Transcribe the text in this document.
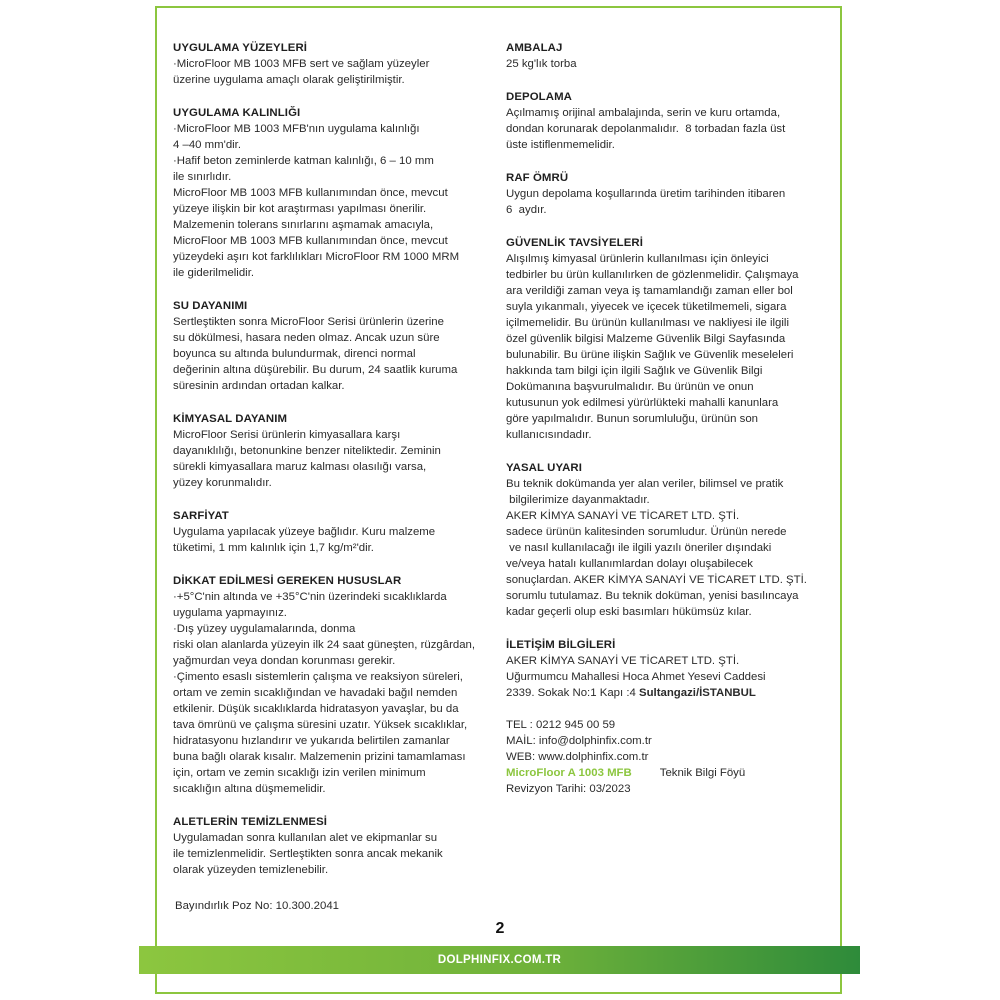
UYGULAMA YÜZEYLERİ
·MicroFloor MB 1003 MFB sert ve sağlam yüzeyler
üzerine uygulama amaçlı olarak geliştirilmiştir.
UYGULAMA KALINLIĞI
·MicroFloor MB 1003 MFB'nın uygulama kalınlığı
4 –40 mm'dir.
·Hafif beton zeminlerde katman kalınlığı, 6 – 10 mm
ile sınırlıdır.
MicroFloor MB 1003 MFB kullanımından önce, mevcut
yüzeye ilişkin bir kot araştırması yapılması önerilir.
Malzemenin tolerans sınırlarını aşmamak amacıyla,
MicroFloor MB 1003 MFB kullanımından önce, mevcut
yüzeydeki aşırı kot farklılıkları MicroFloor RM 1000 MRM
ile giderilmelidir.
SU DAYANIMI
Sertleştikten sonra MicroFloor Serisi ürünlerin üzerine
su dökülmesi, hasara neden olmaz. Ancak uzun süre
boyunca su altında bulundurmak, direnci normal
değerinin altına düşürebilir. Bu durum, 24 saatlik kuruma
süresinin ardından ortadan kalkar.
KİMYASAL DAYANIM
MicroFloor Serisi ürünlerin kimyasallara karşı
dayanıklılığı, betonunkine benzer niteliktedir. Zeminin
sürekli kimyasallara maruz kalması olasılığı varsa,
yüzey korunmalıdır.
SARFİYAT
Uygulama yapılacak yüzeye bağlıdır. Kuru malzeme
tüketimi, 1 mm kalınlık için 1,7 kg/m²'dir.
DİKKAT EDİLMESİ GEREKEN HUSUSLAR
·+5°C'nin altında ve +35°C'nin üzerindeki sıcaklıklarda
uygulama yapmayınız.
·Dış yüzey uygulamalarında, donma
riski olan alanlarda yüzeyin ilk 24 saat güneşten, rüzgârdan,
yağmurdan veya dondan korunması gerekir.
·Çimento esaslı sistemlerin çalışma ve reaksiyon süreleri,
ortam ve zemin sıcaklığından ve havadaki bağıl nemden
etkilenir. Düşük sıcaklıklarda hidratasyon yavaşlar, bu da
tava ömrünü ve çalışma süresini uzatır. Yüksek sıcaklıklar,
hidratasyonu hızlandırır ve yukarıda belirtilen zamanlar
buna bağlı olarak kısalır. Malzemenin prizini tamamlaması
için, ortam ve zemin sıcaklığı izin verilen minimum
sıcaklığın altına düşmemelidir.
ALETLERİN TEMİZLENMESİ
Uygulamadan sonra kullanılan alet ve ekipmanlar su
ile temizlenmelidir. Sertleştikten sonra ancak mekanik
olarak yüzeyden temizlenebilir.
AMBALAJ
25 kg'lık torba
DEPOLAMA
Açılmamış orijinal ambalajında, serin ve kuru ortamda,
dondan korunarak depolanmalıdır.  8 torbadan fazla üst
üste istiflenmemelidir.
RAF ÖMRÜ
Uygun depolama koşullarında üretim tarihinden itibaren
6  aydır.
GÜVENLİK TAVSİYELERİ
Alışılmış kimyasal ürünlerin kullanılması için önleyici
tedbirler bu ürün kullanılırken de gözlenmelidir. Çalışmaya
ara verildiği zaman veya iş tamamlandığı zaman eller bol
suyla yıkanmalı, yiyecek ve içecek tüketilmemeli, sigara
içilmemelidir. Bu ürünün kullanılması ve nakliyesi ile ilgili
özel güvenlik bilgisi Malzeme Güvenlik Bilgi Sayfasında
bulunabilir. Bu ürüne ilişkin Sağlık ve Güvenlik meseleleri
hakkında tam bilgi için ilgili Sağlık ve Güvenlik Bilgi
Dokümanına başvurulmalıdır. Bu ürünün ve onun
kutusunun yok edilmesi yürürlükteki mahalli kanunlara
göre yapılmalıdır. Bunun sorumluluğu, ürünün son
kullanıcısındadır.
YASAL UYARI
Bu teknik dokümanda yer alan veriler, bilimsel ve pratik
bilgilerimize dayanmaktadır.
AKER KİMYA SANAYİ VE TİCARET LTD. ŞTİ.
sadece ürünün kalitesinden sorumludur. Ürünün nerede
ve nasıl kullanılacağı ile ilgili yazılı öneriler dışındaki
ve/veya hatalı kullanımlardan dolayı oluşabilecek
sonuçlardan. AKER KİMYA SANAYİ VE TİCARET LTD. ŞTİ.
sorumlu tutulamaz. Bu teknik doküman, yenisi basılıncaya
kadar geçerli olup eski basımları hükümsüz kılar.
İLETİŞİM BİLGİLERİ
AKER KİMYA SANAYİ VE TİCARET LTD. ŞTİ.
Uğurmumcu Mahallesi Hoca Ahmet Yesevi Caddesi
2339. Sokak No:1 Kapı :4 Sultangazi/İSTANBUL
TEL : 0212 945 00 59
MAİL: info@dolphinfix.com.tr
WEB: www.dolphinfix.com.tr
MicroFloor A 1003 MFB Teknik Bilgi Föyü
Revizyon Tarihi: 03/2023
Bayındırlık Poz No: 10.300.2041
2
DOLPHINFIX.COM.TR
